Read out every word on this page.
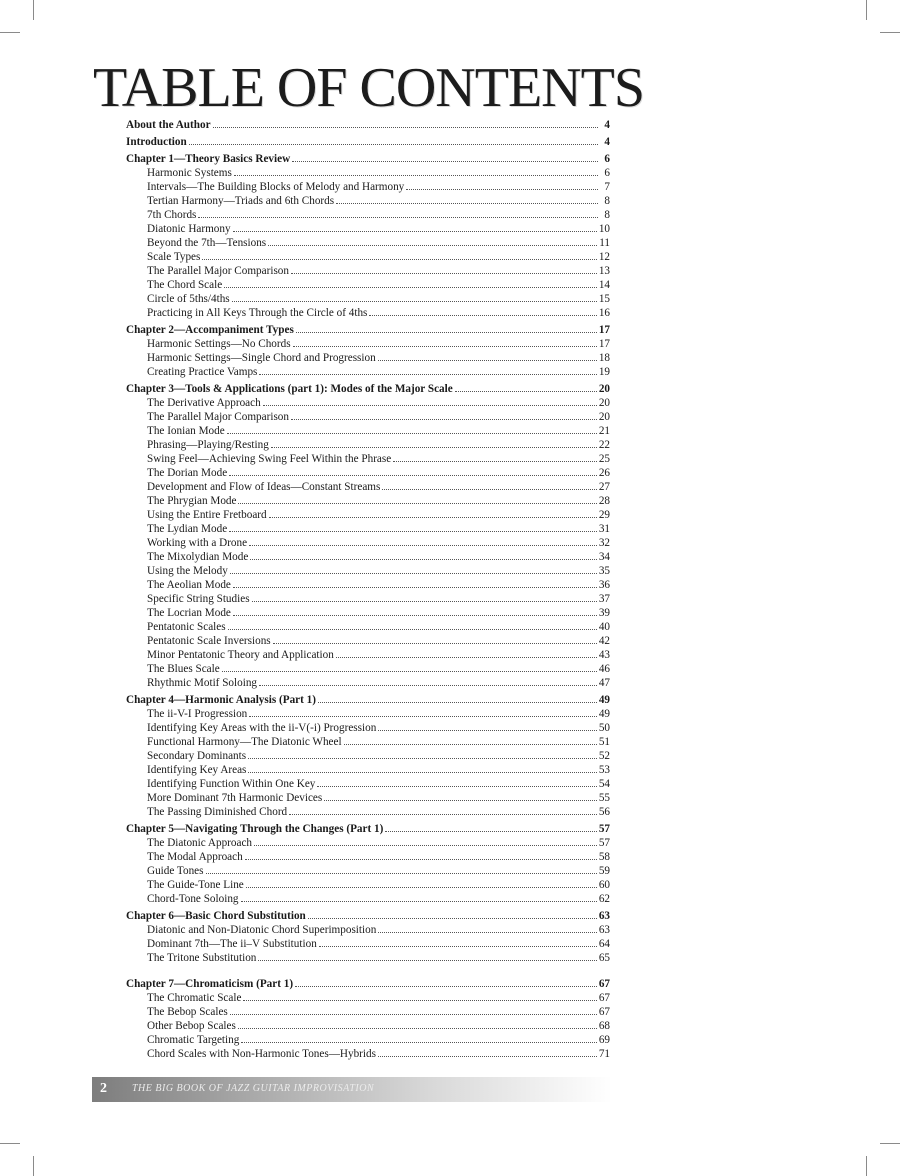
TABLE OF CONTENTS
About the Author	4
Introduction	4
Chapter 1—Theory Basics Review	6
Harmonic Systems	6
Intervals—The Building Blocks of Melody and Harmony	7
Tertian Harmony—Triads and 6th Chords	8
7th Chords	8
Diatonic Harmony	10
Beyond the 7th—Tensions	11
Scale Types	12
The Parallel Major Comparison	13
The Chord Scale	14
Circle of 5ths/4ths	15
Practicing in All Keys Through the Circle of 4ths	16
Chapter 2—Accompaniment Types	17
Harmonic Settings—No Chords	17
Harmonic Settings—Single Chord and Progression	18
Creating Practice Vamps	19
Chapter 3—Tools & Applications (part 1): Modes of the Major Scale	20
The Derivative Approach	20
The Parallel Major Comparison	20
The Ionian Mode	21
Phrasing—Playing/Resting	22
Swing Feel—Achieving Swing Feel Within the Phrase	25
The Dorian Mode	26
Development and Flow of Ideas—Constant Streams	27
The Phrygian Mode	28
Using the Entire Fretboard	29
The Lydian Mode	31
Working with a Drone	32
The Mixolydian Mode	34
Using the Melody	35
The Aeolian Mode	36
Specific String Studies	37
The Locrian Mode	39
Pentatonic Scales	40
Pentatonic Scale Inversions	42
Minor Pentatonic Theory and Application	43
The Blues Scale	46
Rhythmic Motif Soloing	47
Chapter 4—Harmonic Analysis (Part 1)	49
The ii-V-I Progression	49
Identifying Key Areas with the ii-V(-i) Progression	50
Functional Harmony—The Diatonic Wheel	51
Secondary Dominants	52
Identifying Key Areas	53
Identifying Function Within One Key	54
More Dominant 7th Harmonic Devices	55
The Passing Diminished Chord	56
Chapter 5—Navigating Through the Changes (Part 1)	57
The Diatonic Approach	57
The Modal Approach	58
Guide Tones	59
The Guide-Tone Line	60
Chord-Tone Soloing	62
Chapter 6—Basic Chord Substitution	63
Diatonic and Non-Diatonic Chord Superimposition	63
Dominant 7th—The ii–V Substitution	64
The Tritone Substitution	65
Chapter 7—Chromaticism (Part 1)	67
The Chromatic Scale	67
The Bebop Scales	67
Other Bebop Scales	68
Chromatic Targeting	69
Chord Scales with Non-Harmonic Tones—Hybrids	71
2	THE BIG BOOK OF JAZZ GUITAR IMPROVISATION
